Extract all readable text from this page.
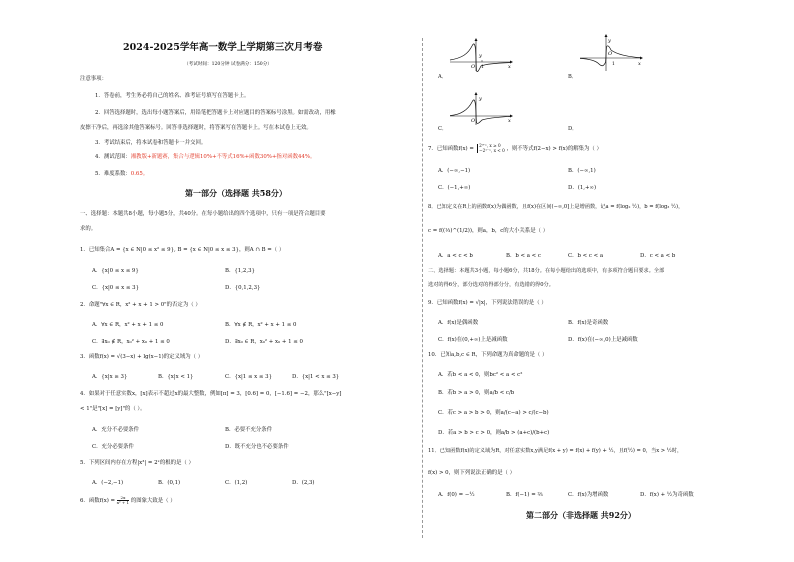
2024-2025学年高一数学上学期第三次月考卷
（考试时间：120分钟 试卷满分：150分）
注意事项：
1．答卷前，考生务必将自己的姓名、准考证号填写在答题卡上。
2．回答选择题时，选出每小题答案后，用铅笔把答题卡上对应题目的答案标号涂黑。如需改动，用橡
皮擦干净后，再选涂其他答案标号。回答非选择题时，将答案写在答题卡上。写在本试卷上无效。
3．考试结束后，将本试卷和答题卡一并交回。
4．测试范围：湘教版+新题赛，集合与逻辑10%+不等式16%+函数30%+指对函数44%。
5．难度系数：0.65。
第一部分（选择题 共58分）
一、选择题：本题共8小题，每小题5分，共40分。在每小题给出的四个选项中，只有一项是符合题目要
求的。
1．已知集合A = {x ∈ N|0 ≤ x² ≤ 9}, B = {x ∈ N|0 ≤ x ≤ 3}，则A ∩ B =（ ）
A．{x|0 ≤ x ≤ 9}	B．{1,2,3}
C．{x|0 ≤ x ≤ 3}	D．{0,1,2,3}
2．命题"∀x ∈ R，x² + x + 1 > 0"的否定为（ ）
A．∀x ∈ R，x² + x + 1 ≤ 0	B．∀x ∉ R，x² + x + 1 ≤ 0
C．∃x₀ ∉ R，x₀² + x₀ + 1 ≤ 0	D．∃x₀ ∈ R，x₀² + x₀ + 1 ≤ 0
3．函数f(x) = √(3−x) + lg(x−1)的定义域为（ ）
A．{x|x ≥ 3}	B．{x|x < 1}	C．{x|1 ≤ x ≤ 3}	D．{x|1 < x ≤ 3}
4．如果对于任意实数x，[x]表示不超过x的最大整数，例如[π] = 3，[0.6] = 0，[−1.6] = −2，那么"[x−y]
< 1"是"[x] = [y]"的（ ）。
A．充分不必要条件	B．必要不充分条件
C．充分必要条件	D．既不充分也不必要条件
5．下列区间内存在方程|x³| = 2ˣ的根的是（ ）
A．(−2,−1)	B．(0,1)	C．(1,2)	D．(2,3)
6．函数$f(x) = \frac{2x}{\text{x² + 1}}$ 的图象大致是（ ）
y
O 1	x
A．
y
O
1	x
B．
y
O	x
C．	D．
7．已知函数f(x) =
2ˡ⁺ˣ, x ≥ 0
−2¹⁻ˣ, x < 0 ，则不等式f(2−x) > f(x)的解集为（ ）
A．(−∞,−1)	B．(−∞,1)
C．(−1,+∞)	D．(1,+∞)
8．已知定义在R上的函数f(x)为偶函数，且f(x)在区间(−∞,0]上是增函数，记a = f(log₂ ½)，b = f(log₃ ½)，
c = f((⅓)^(1/2))，则a，b，c的大小关系是（ ）
A．a < c < b	B．b < a < c	C．b < c < a	D．c < a < b
二、选择题：本题共3小题，每小题6分，共18分。在每小题给出的选项中，有多项符合题目要求。全部
选对的得6分，部分选对的得部分分，有选错的得0分。
9．已知函数f(x) = √|x|，下列说法错误的是（ ）
A．f(x)是偶函数	B．f(x)是奇函数
C．f(x)在(0,+∞)上是减函数	D．f(x)在(−∞,0)上是减函数
10．已知a,b,c ∈ R，下列命题为真命题的是（ ）
A．若b < a < 0，则bc² < a < c²
B．若b > a > 0，则a/b < c/b
C．若c > a > b > 0，则a/(c−a) > c/(c−b)
D．若a > b > c > 0，则a/b > (a+c)/(b+c)
11．已知函数f(x)的定义域为R，对任意实数x,y满足f(x + y) = f(x) + f(y) + ½，且f(½) = 0，当x > ½时，
f(x) > 0，则下列说法正确的是（ ）
A．f(0) = −½	B．f(−1) = ⅔	C．f(x)为增函数	D．f(x) + ½为奇函数
第二部分（非选择题 共92分）
